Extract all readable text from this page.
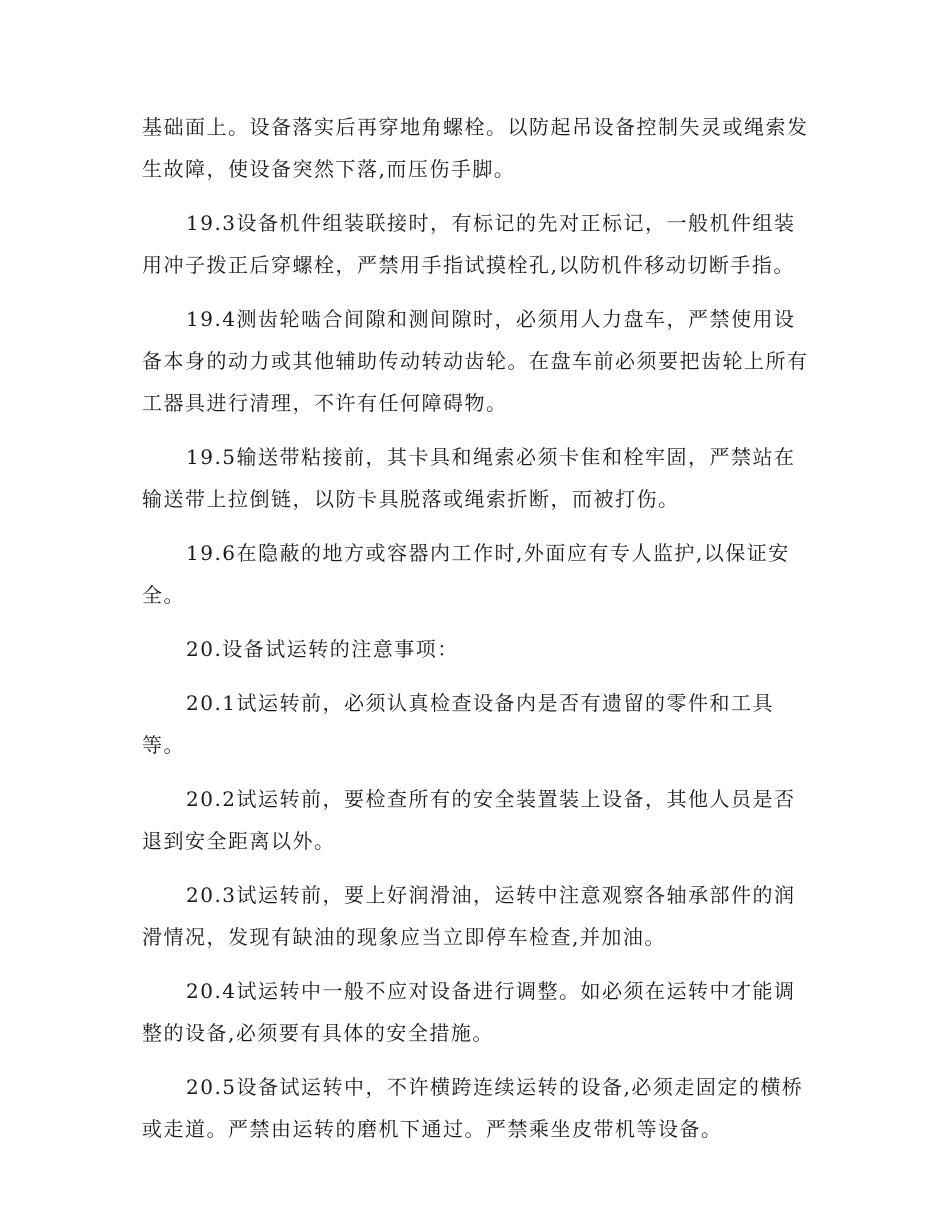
基础面上。设备落实后再穿地角螺栓。以防起吊设备控制失灵或绳索发生故障，使设备突然下落,而压伤手脚。

19.3设备机件组装联接时，有标记的先对正标记，一般机件组装用冲子拨正后穿螺栓，严禁用手指试摸栓孔,以防机件移动切断手指。

19.4测齿轮啮合间隙和测间隙时，必须用人力盘车，严禁使用设备本身的动力或其他辅助传动转动齿轮。在盘车前必须要把齿轮上所有工器具进行清理，不许有任何障碍物。

19.5输送带粘接前，其卡具和绳索必须卡隹和栓牢固，严禁站在输送带上拉倒链，以防卡具脱落或绳索折断，而被打伤。

19.6在隐蔽的地方或容器内工作时,外面应有专人监护,以保证安全。

20.设备试运转的注意事项：

20.1试运转前，必须认真检查设备内是否有遗留的零件和工具等。

20.2试运转前，要检查所有的安全装置装上设备，其他人员是否退到安全距离以外。

20.3试运转前，要上好润滑油，运转中注意观察各轴承部件的润滑情况，发现有缺油的现象应当立即停车检查,并加油。

20.4试运转中一般不应对设备进行调整。如必须在运转中才能调整的设备,必须要有具体的安全措施。

20.5设备试运转中，不许横跨连续运转的设备,必须走固定的横桥或走道。严禁由运转的磨机下通过。严禁乘坐皮带机等设备。
